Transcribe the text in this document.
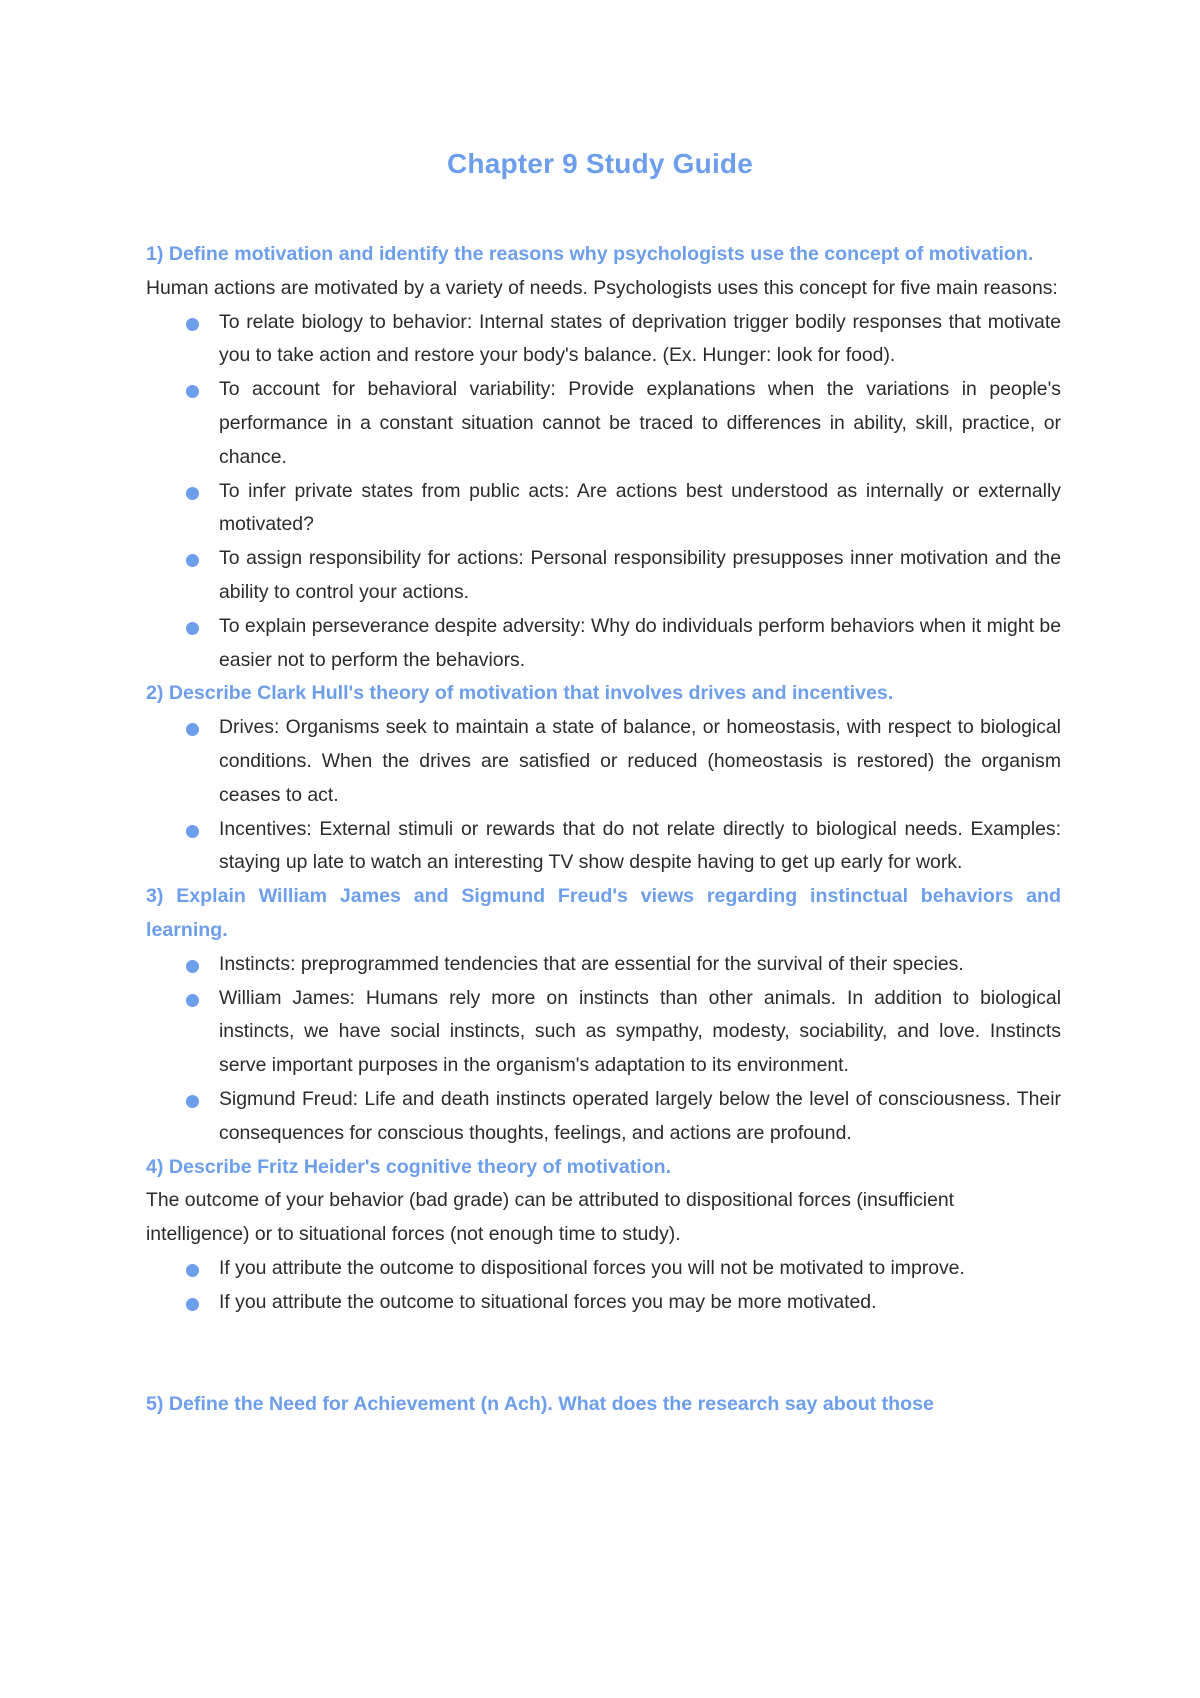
Chapter 9 Study Guide
1) Define motivation and identify the reasons why psychologists use the concept of motivation.
Human actions are motivated by a variety of needs. Psychologists uses this concept for five main reasons:
To relate biology to behavior: Internal states of deprivation trigger bodily responses that motivate you to take action and restore your body's balance. (Ex. Hunger: look for food).
To account for behavioral variability: Provide explanations when the variations in people's performance in a constant situation cannot be traced to differences in ability, skill, practice, or chance.
To infer private states from public acts: Are actions best understood as internally or externally motivated?
To assign responsibility for actions: Personal responsibility presupposes inner motivation and the ability to control your actions.
To explain perseverance despite adversity: Why do individuals perform behaviors when it might be easier not to perform the behaviors.
2) Describe Clark Hull's theory of motivation that involves drives and incentives.
Drives: Organisms seek to maintain a state of balance, or homeostasis, with respect to biological conditions. When the drives are satisfied or reduced (homeostasis is restored) the organism ceases to act.
Incentives: External stimuli or rewards that do not relate directly to biological needs. Examples: staying up late to watch an interesting TV show despite having to get up early for work.
3) Explain William James and Sigmund Freud's views regarding instinctual behaviors and learning.
Instincts: preprogrammed tendencies that are essential for the survival of their species.
William James: Humans rely more on instincts than other animals. In addition to biological instincts, we have social instincts, such as sympathy, modesty, sociability, and love. Instincts serve important purposes in the organism's adaptation to its environment.
Sigmund Freud: Life and death instincts operated largely below the level of consciousness. Their consequences for conscious thoughts, feelings, and actions are profound.
4) Describe Fritz Heider's cognitive theory of motivation.
The outcome of your behavior (bad grade) can be attributed to dispositional forces (insufficient intelligence) or to situational forces (not enough time to study).
If you attribute the outcome to dispositional forces you will not be motivated to improve.
If you attribute the outcome to situational forces you may be more motivated.
5) Define the Need for Achievement (n Ach). What does the research say about those
